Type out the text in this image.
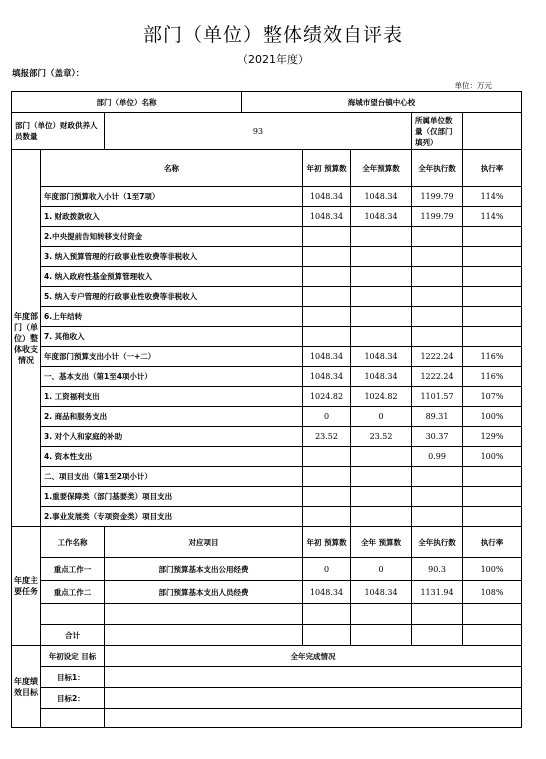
部门（单位）整体绩效自评表
（2021年度）
填报部门（盖章）：
单位：万元
部门（单位）名称			海城市望台镇中心校				
部门（单位）财政供养人员数量		93				所属单位数量（仅部门填列）	
年度部门（单位）整体收支情况	名称			年初 预算数	全年预算数	全年执行数	执行率
	年度部门预算收入小计（1至7项）			1048.34	1048.34	1199.79	114%
	1. 财政拨款收入			1048.34	1048.34	1199.79	114%
	2.中央提前告知转移支付资金						
	3. 纳入预算管理的行政事业性收费等非税收入						
	4. 纳入政府性基金预算管理收入						
	5. 纳入专户管理的行政事业性收费等非税收入						
	6.上年结转						
	7. 其他收入						
	年度部门预算支出小计（一+二）			1048.34	1048.34	1222.24	116%
	一、基本支出（第1至4项小计）			1048.34	1048.34	1222.24	116%
	1. 工资福利支出			1024.82	1024.82	1101.57	107%
	2. 商品和服务支出			0	0	89.31	100%
	3. 对个人和家庭的补助			23.52	23.52	30.37	129%
	4. 资本性支出					0.99	100%
	二、项目支出（第1至2项小计）						
	1.重要保障类（部门基要类）项目支出						
	2.事业发展类（专项资金类）项目支出						
年度主要任务	工作名称	对应项目		年初 预算数	全年 预算数	全年执行数	执行率
	重点工作一	部门预算基本支出公用经费		0	0	90.3	100%
	重点工作二	部门预算基本支出人员经费		1048.34	1048.34	1131.94	108%

	合计						
年度绩效目标	年初设定 目标	全年完成情况					
	目标1：						
	目标2：						
